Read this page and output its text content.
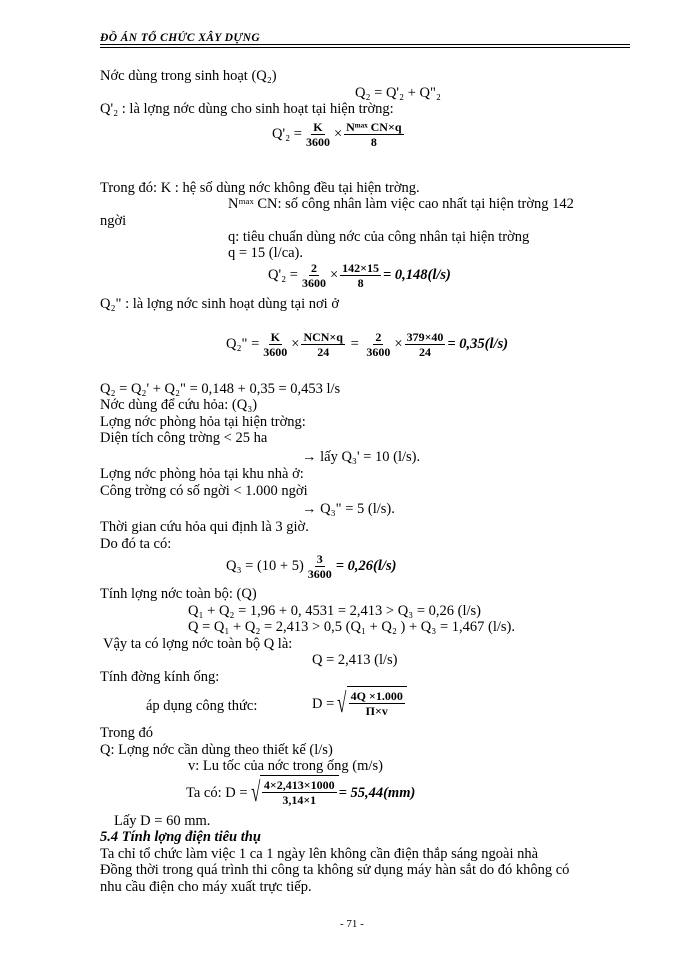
ĐỒ ÁN TỔ CHỨC XÂY DỰNG
Nớc dùng trong sinh hoạt (Q₂)
Q₂ = Q'₂ + Q"₂
Q'₂ : là lợng nớc dùng cho sinh hoạt tại hiện trờng:
$Q'_2 = \frac{K}{3600} \times \frac{\text{Nᵐᵃˣ CN×q}}{8}$
Trong đó: K : hệ số dùng nớc không đều tại hiện trờng.
Nᵐᵃˣ CN: số công nhân làm việc cao nhất tại hiện trờng 142
ngời
q: tiêu chuẩn dùng nớc của công nhân tại hiện trờng
q = 15 (l/ca).
$Q'_2 = \frac{2}{3600} \times \frac{142\times 15}{8} = 0,148(l/s)$
Q₂" : là lợng nớc sinh hoạt dùng tại nơi ở
Q₂" = $\frac{K}{3600} \times \frac{\text{NCN×q}}{24} = \frac{2}{3600} \times \frac{379\times 40}{24} = 0,35(l/s)$
Q₂ = Q₂' + Q₂" = 0,148 + 0,35 = 0,453 l/s
Nớc dùng để cứu hỏa: (Q₃)
Lợng nớc phòng hỏa tại hiện trờng:
Diện tích công trờng < 25 ha
→ lấy Q₃' = 10 (l/s).
Lợng nớc phòng hỏa tại khu nhà ở:
Công trờng có số ngời < 1.000 ngời
→ Q₃" = 5 (l/s).
Thời gian cứu hỏa qui định là 3 giờ.
Do đó ta có:
$Q_3 = (10 + 5) \frac{3}{3600} = 0,26(l/s)$
Tính lợng nớc toàn bộ: (Q)
Q₁ + Q₂ = 1,96 + 0, 4531 = 2,413 > Q₃ = 0,26 (l/s)
Q = Q₁ + Q₂ = 2,413 > 0,5 (Q₁ + Q₂ ) + Q₃ = 1,467 (l/s).
Vậy ta có lợng nớc toàn bộ Q là:
Q = 2,413 (l/s)
Tính đờng kính ống:
áp dụng công thức:	D = √ $\frac{4Q \times 1.000}{\Pi\times v}$
Trong đó
Q: Lợng nớc cần dùng theo thiết kế (l/s)
v: Lu tốc của nớc trong ống (m/s)
Ta có: D = √ $\frac{4\times 2,413\times 1000}{3,14\times 1} = 55,44(mm)$
Lấy D = 60 mm.
5.4 Tính lợng điện tiêu thụ
Ta chỉ tổ chức làm việc 1 ca 1 ngày lên không cần điện thắp sáng ngoài nhà
Đồng thời trong quá trình thi công ta không sử dụng máy hàn sắt do đó không có
nhu cầu điện cho máy xuất trực tiếp.
- 71 -
